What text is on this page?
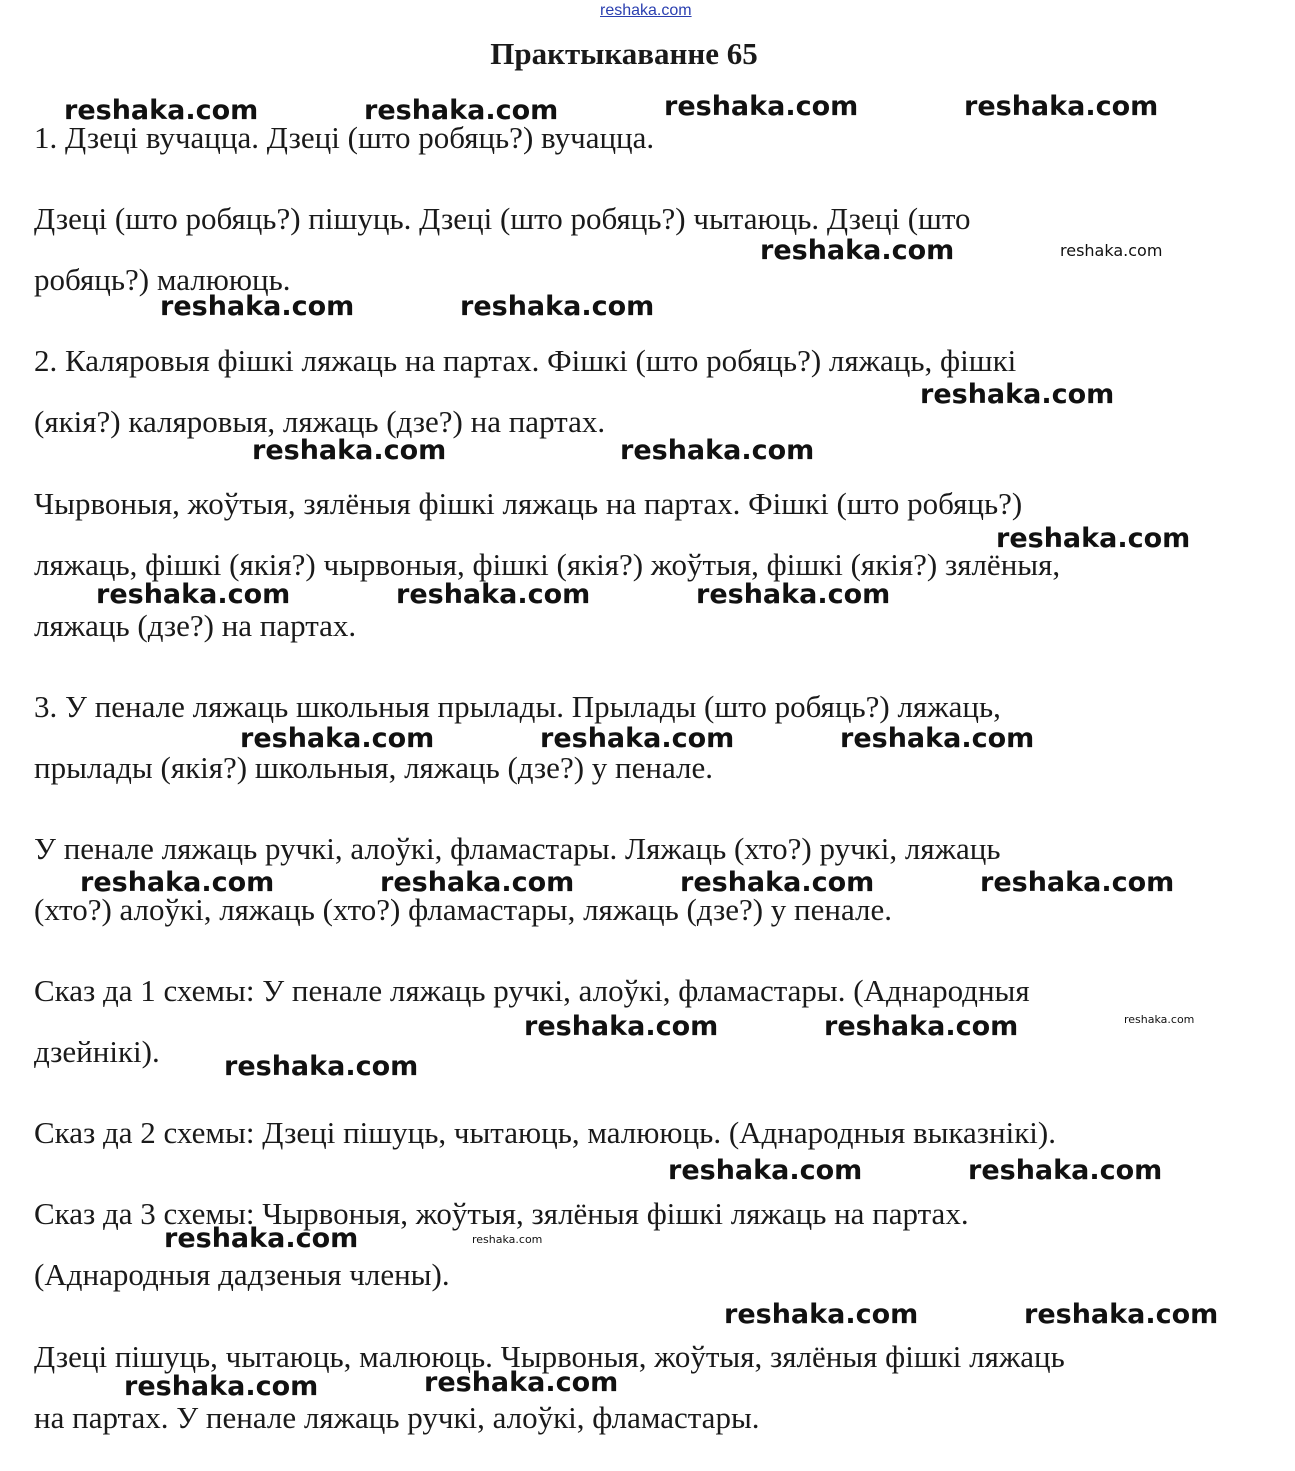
reshaka.com
Практыкаванне 65
1. Дзеці вучацца. Дзеці (што робяць?) вучацца.
Дзеці (што робяць?) пішуць. Дзеці (што робяць?) чытаюць. Дзеці (што
робяць?) малююць.
2. Каляровыя фішкі ляжаць на партах. Фішкі (што робяць?) ляжаць, фішкі
(якія?) каляровыя, ляжаць (дзе?) на партах.
Чырвоныя, жоўтыя, зялёныя фішкі ляжаць на партах. Фішкі (што робяць?)
ляжаць, фішкі (якія?) чырвоныя, фішкі (якія?) жоўтыя, фішкі (якія?) зялёныя,
ляжаць (дзе?) на партах.
3. У пенале ляжаць школьныя прылады. Прылады (што робяць?) ляжаць,
прылады (якія?) школьныя, ляжаць (дзе?) у пенале.
У пенале ляжаць ручкі, алоўкі, фламастары. Ляжаць (хто?) ручкі, ляжаць
(хто?) алоўкі, ляжаць (хто?) фламастары, ляжаць (дзе?) у пенале.
Сказ да 1 схемы: У пенале ляжаць ручкі, алоўкі, фламастары. (Аднародныя
дзейнікі).
Сказ да 2 схемы: Дзеці пішуць, чытаюць, малююць. (Аднародныя выказнікі).
Сказ да 3 схемы: Чырвоныя, жоўтыя, зялёныя фішкі ляжаць на партах.
(Аднародныя дадзеныя члены).
Дзеці пішуць, чытаюць, малююць. Чырвоныя, жоўтыя, зялёныя фішкі ляжаць
на партах. У пенале ляжаць ручкі, алоўкі, фламастары.
reshaka.com	reshaka.com	reshaka.com	reshaka.com
reshaka.com	reshaka.com
reshaka.com	reshaka.com
reshaka.com
reshaka.com	reshaka.com
reshaka.com
reshaka.com	reshaka.com	reshaka.com
reshaka.com	reshaka.com	reshaka.com
reshaka.com	reshaka.com	reshaka.com	reshaka.com
reshaka.com	reshaka.com	reshaka.com
reshaka.com
reshaka.com	reshaka.com
reshaka.com	reshaka.com
reshaka.com	reshaka.com
reshaka.com	reshaka.com
